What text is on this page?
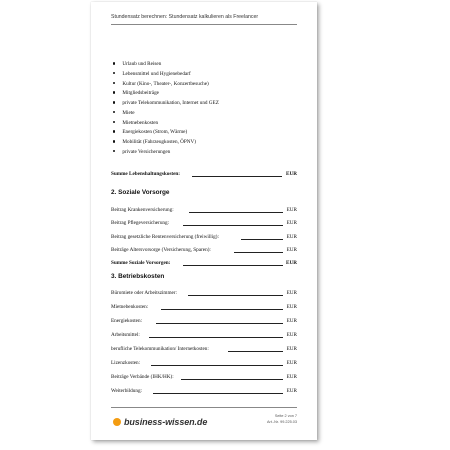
Stundensatz berechnen: Stundensatz kalkulieren als Freelancer
Urlaub und Reisen
Lebensmittel und Hygienebedarf
Kultur (Kino-, Theater-, Konzertbesuche)
Mitgliedsbeiträge
private Telekommunikation, Internet und GEZ
Miete
Mietnebenkosten
Energiekosten (Strom, Wärme)
Mobilität (Fahrzeugkosten, ÖPNV)
private Versicherungen
Summe Lebenshaltungskosten:	EUR
2. Soziale Vorsorge
3. Betriebskosten
business-wissen.de
Seite 2 von 7
Art.-Nr. 99.225.03
Beitrag Krankenversicherung:	EUR
Beitrag Pflegeversicherung:	EUR
Beitrag gesetzliche Rentenversicherung (freiwillig):	EUR
Beiträge Altersvorsorge (Versicherung, Sparen):	EUR
Summe Soziale Vorsorgen:	EUR
Büromiete oder Arbeitszimmer:	EUR
Mietnebenkosten:	EUR
Energiekosten:	EUR
Arbeitsmittel:	EUR
berufliche Telekommunikation/ Internetkosten:	EUR
Lizenzkosten:	EUR
Beiträge Verbände (IHK/HK):	EUR
Weiterbildung:	EUR
